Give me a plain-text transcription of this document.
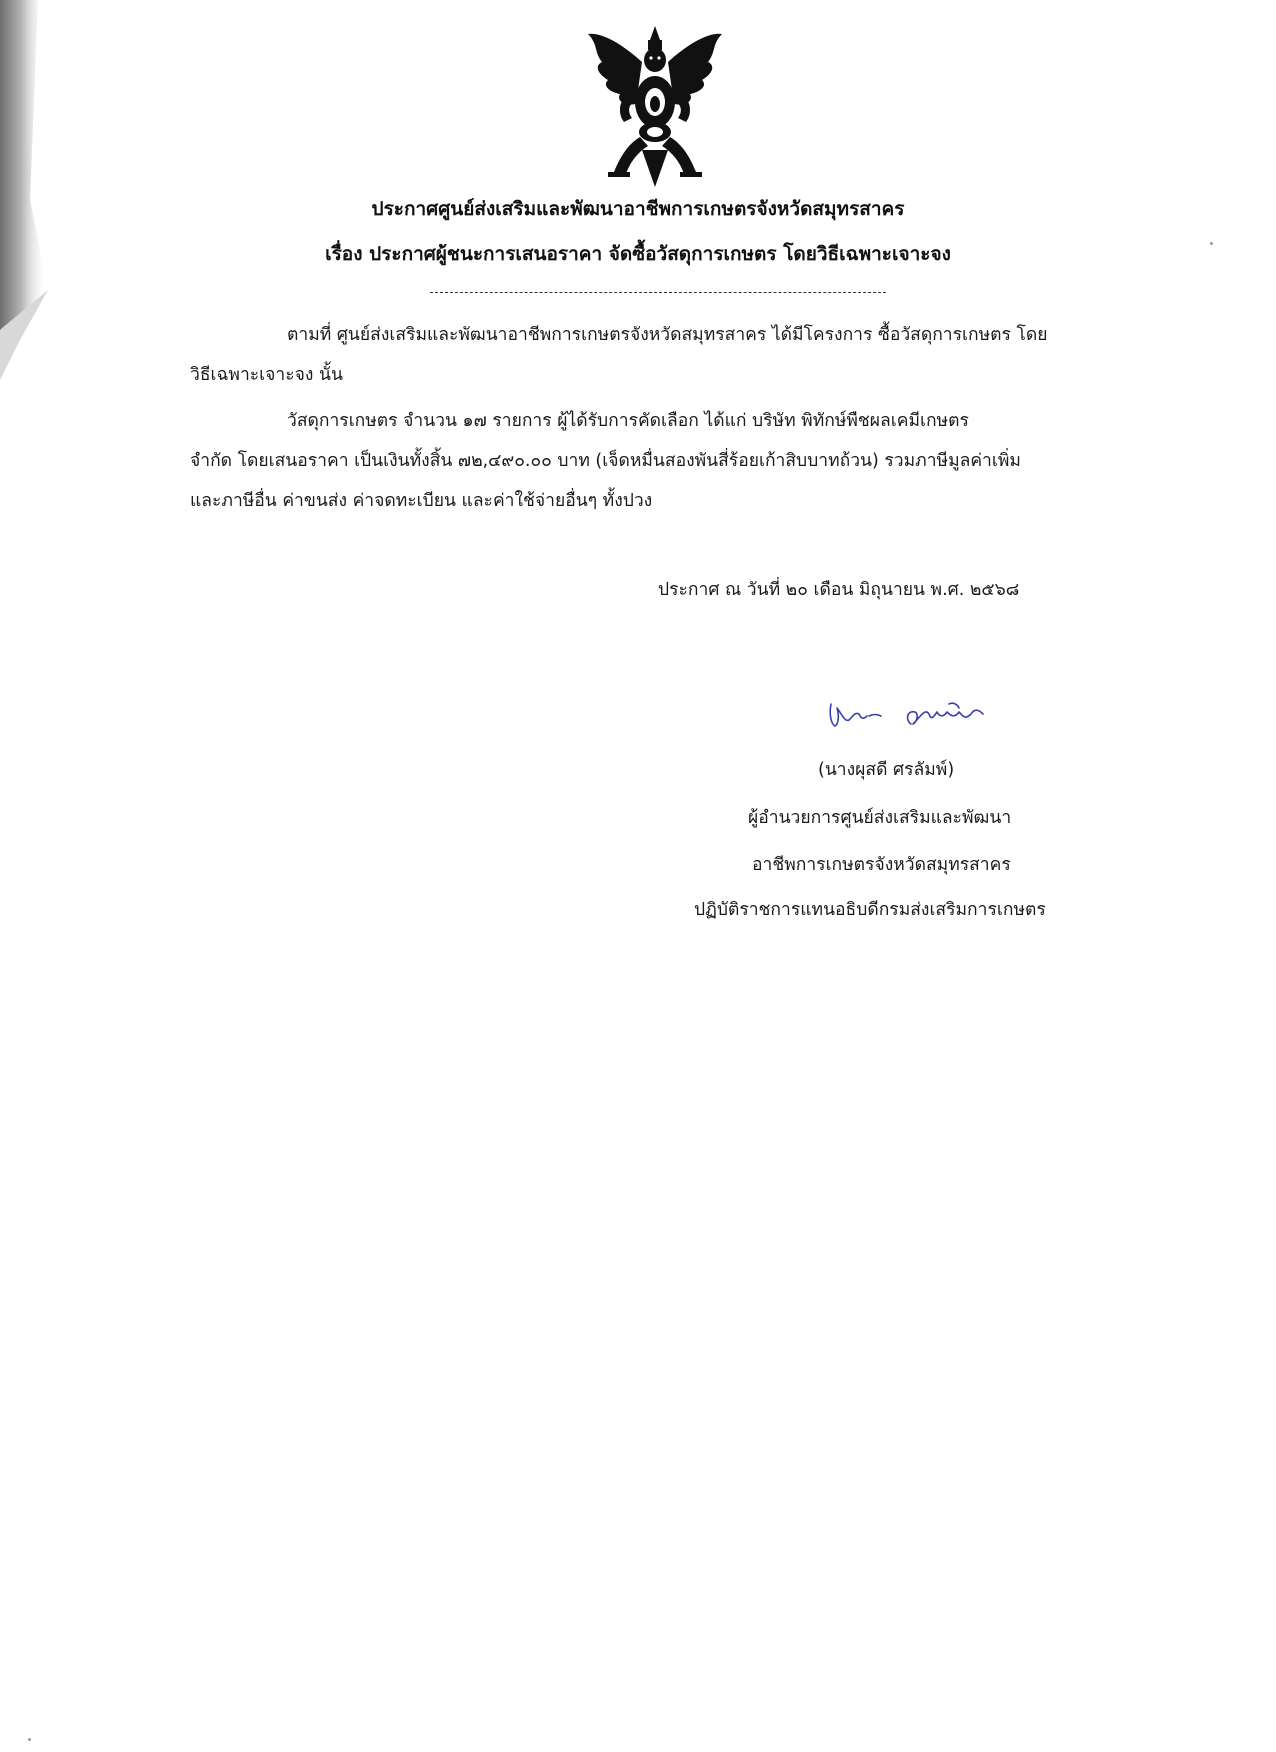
ประกาศศูนย์ส่งเสริมและพัฒนาอาชีพการเกษตรจังหวัดสมุทรสาคร
เรื่อง ประกาศผู้ชนะการเสนอราคา จัดซื้อวัสดุการเกษตร โดยวิธีเฉพาะเจาะจง
ตามที่ ศูนย์ส่งเสริมและพัฒนาอาชีพการเกษตรจังหวัดสมุทรสาคร ได้มีโครงการ ซื้อวัสดุการเกษตร โดย
วิธีเฉพาะเจาะจง นั้น
วัสดุการเกษตร จำนวน ๑๗ รายการ ผู้ได้รับการคัดเลือก ได้แก่ บริษัท พิทักษ์พืชผลเคมีเกษตร
จำกัด โดยเสนอราคา เป็นเงินทั้งสิ้น ๗๒,๔๙๐.๐๐ บาท (เจ็ดหมื่นสองพันสี่ร้อยเก้าสิบบาทถ้วน) รวมภาษีมูลค่าเพิ่ม
และภาษีอื่น ค่าขนส่ง ค่าจดทะเบียน และค่าใช้จ่ายอื่นๆ ทั้งปวง
ประกาศ ณ วันที่ ๒๐ เดือน มิถุนายน พ.ศ. ๒๕๖๘
(นางผุสดี ศรลัมพ์)
ผู้อำนวยการศูนย์ส่งเสริมและพัฒนา
อาชีพการเกษตรจังหวัดสมุทรสาคร
ปฏิบัติราชการแทนอธิบดีกรมส่งเสริมการเกษตร
